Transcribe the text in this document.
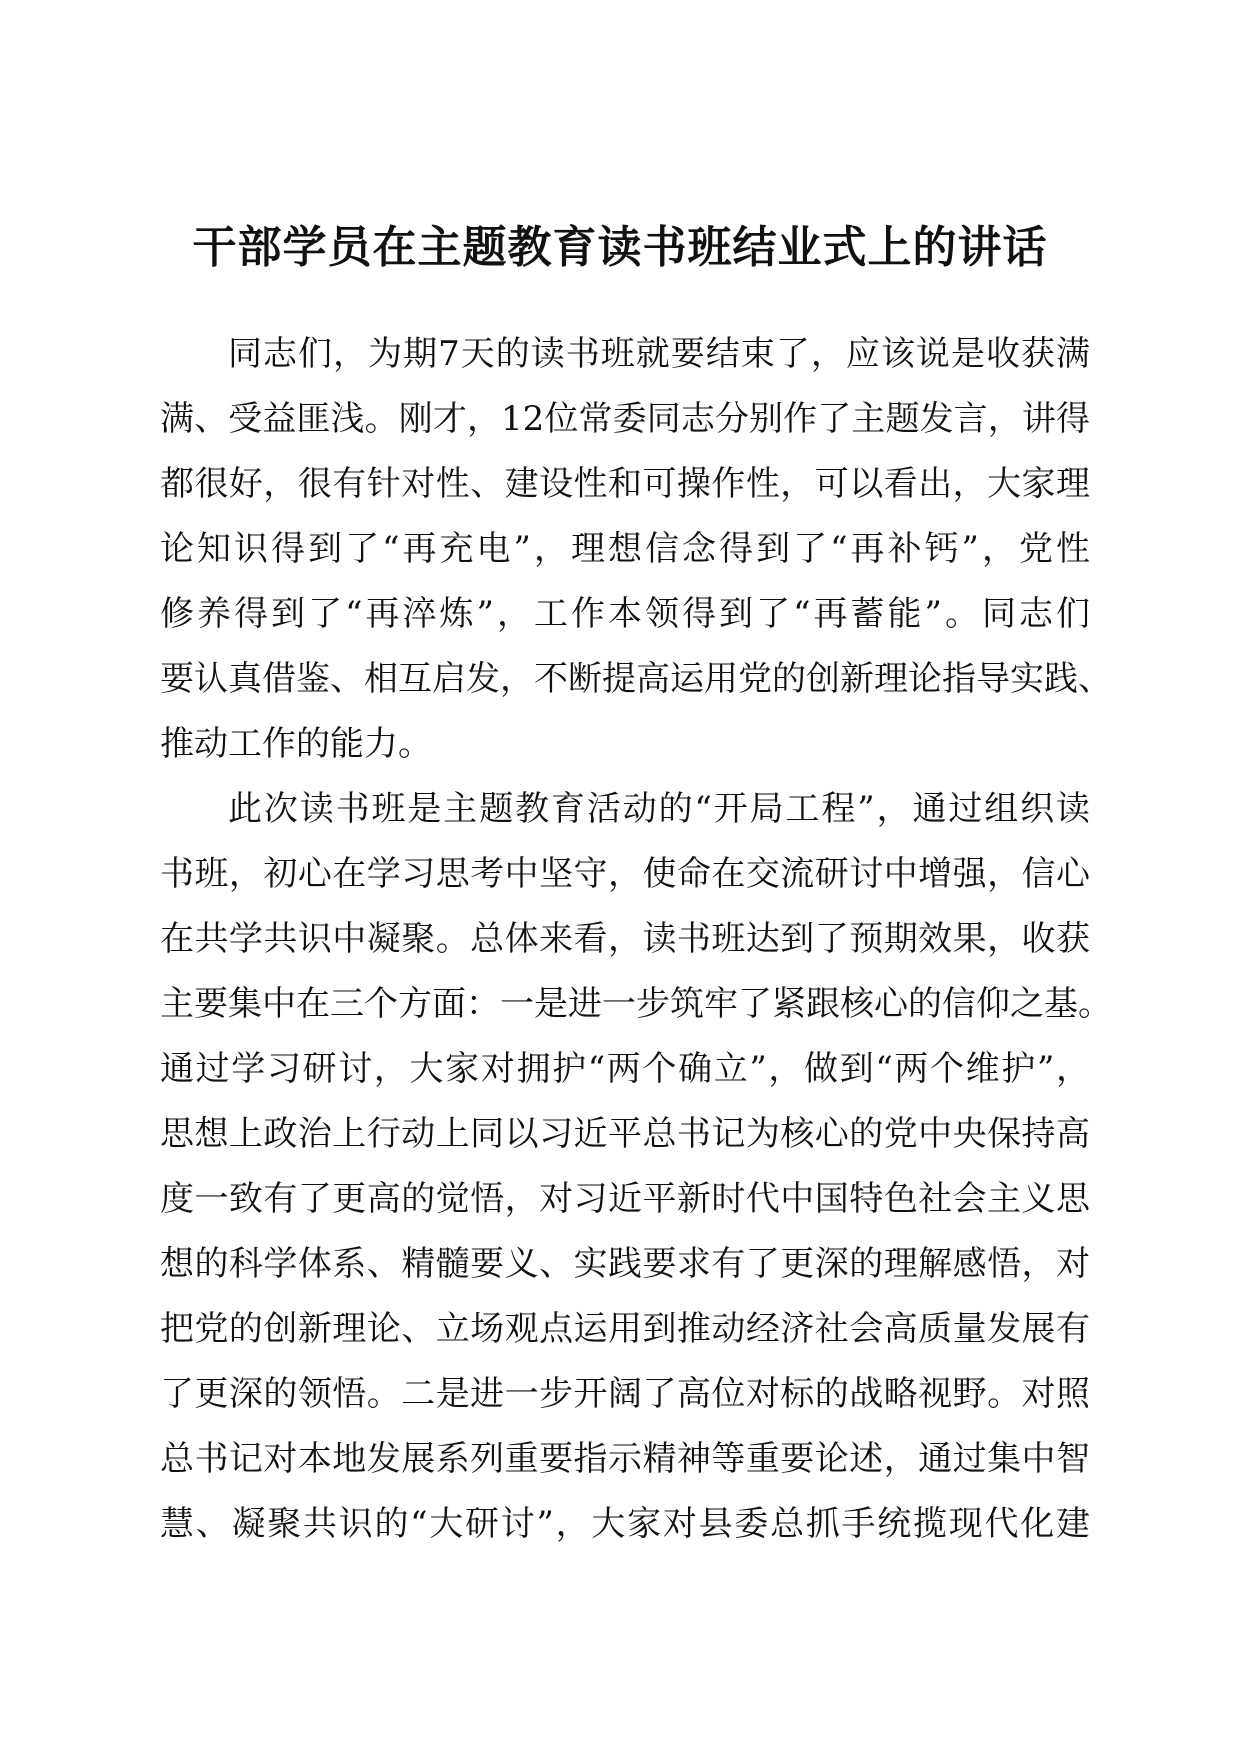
干部学员在主题教育读书班结业式上的讲话
同志们，为期7天的读书班就要结束了，应该说是收获满
满、受益匪浅。刚才，12位常委同志分别作了主题发言，讲得
都很好，很有针对性、建设性和可操作性，可以看出，大家理
论知识得到了“再充电”，理想信念得到了“再补钙”，党性
修养得到了“再淬炼”，工作本领得到了“再蓄能”。同志们
要认真借鉴、相互启发，不断提高运用党的创新理论指导实践、
推动工作的能力。
此次读书班是主题教育活动的“开局工程”，通过组织读
书班，初心在学习思考中坚守，使命在交流研讨中增强，信心
在共学共识中凝聚。总体来看，读书班达到了预期效果，收获
主要集中在三个方面：一是进一步筑牢了紧跟核心的信仰之基。
通过学习研讨，大家对拥护“两个确立”，做到“两个维护”，
思想上政治上行动上同以习近平总书记为核心的党中央保持高
度一致有了更高的觉悟，对习近平新时代中国特色社会主义思
想的科学体系、精髓要义、实践要求有了更深的理解感悟，对
把党的创新理论、立场观点运用到推动经济社会高质量发展有
了更深的领悟。二是进一步开阔了高位对标的战略视野。对照
总书记对本地发展系列重要指示精神等重要论述，通过集中智
慧、凝聚共识的“大研讨”，大家对县委总抓手统揽现代化建
